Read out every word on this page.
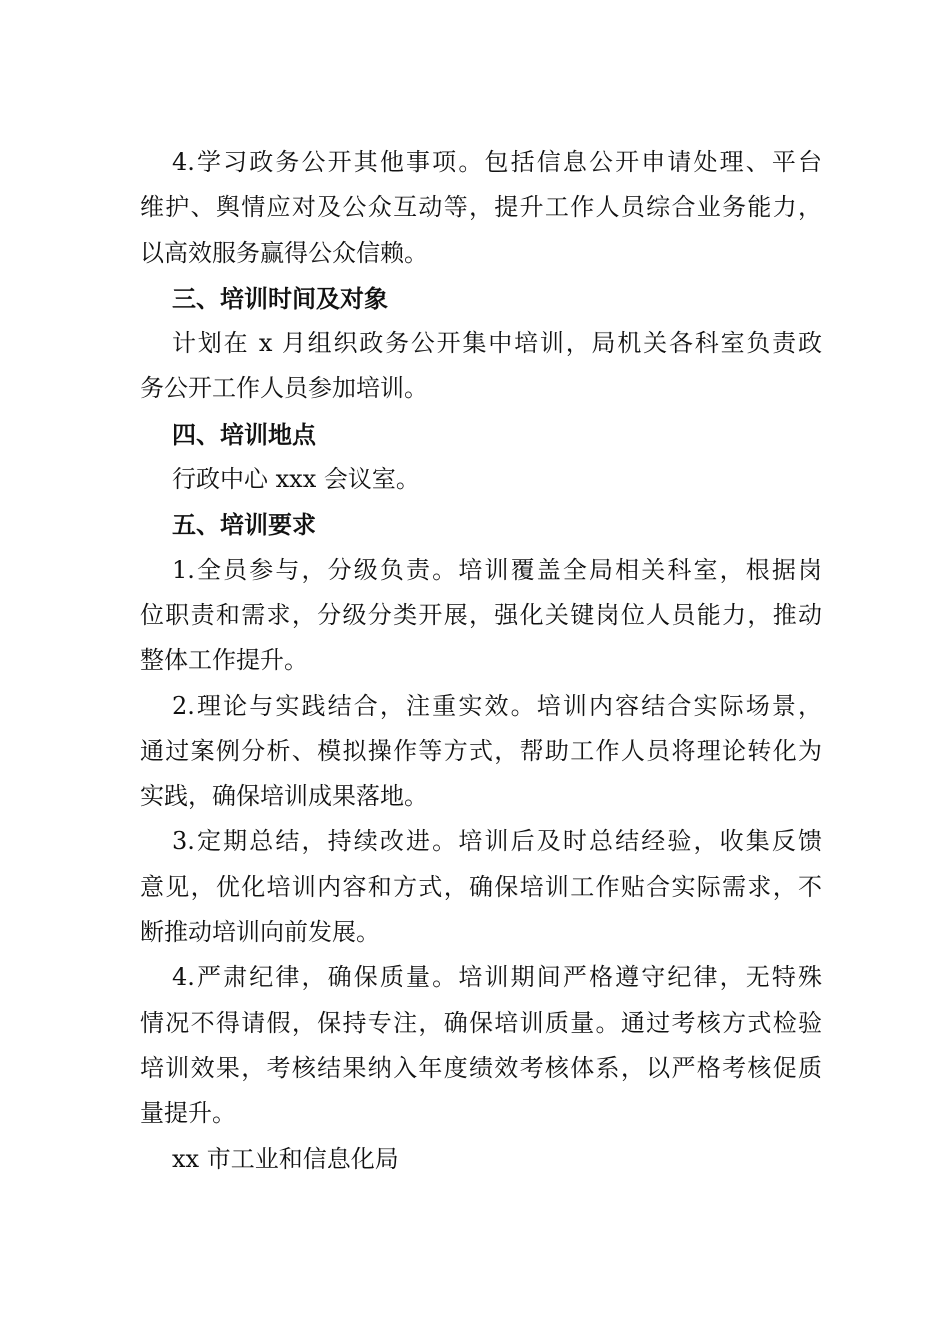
4.学习政务公开其他事项。包括信息公开申请处理、平台
维护、舆情应对及公众互动等，提升工作人员综合业务能力，
以高效服务赢得公众信赖。
三、培训时间及对象
计划在 x 月组织政务公开集中培训，局机关各科室负责政
务公开工作人员参加培训。
四、培训地点
行政中心 xxx 会议室。
五、培训要求
1.全员参与，分级负责。培训覆盖全局相关科室，根据岗
位职责和需求，分级分类开展，强化关键岗位人员能力，推动
整体工作提升。
2.理论与实践结合，注重实效。培训内容结合实际场景，
通过案例分析、模拟操作等方式，帮助工作人员将理论转化为
实践，确保培训成果落地。
3.定期总结，持续改进。培训后及时总结经验，收集反馈
意见，优化培训内容和方式，确保培训工作贴合实际需求，不
断推动培训向前发展。
4.严肃纪律，确保质量。培训期间严格遵守纪律，无特殊
情况不得请假，保持专注，确保培训质量。通过考核方式检验
培训效果，考核结果纳入年度绩效考核体系，以严格考核促质
量提升。
xx 市工业和信息化局
